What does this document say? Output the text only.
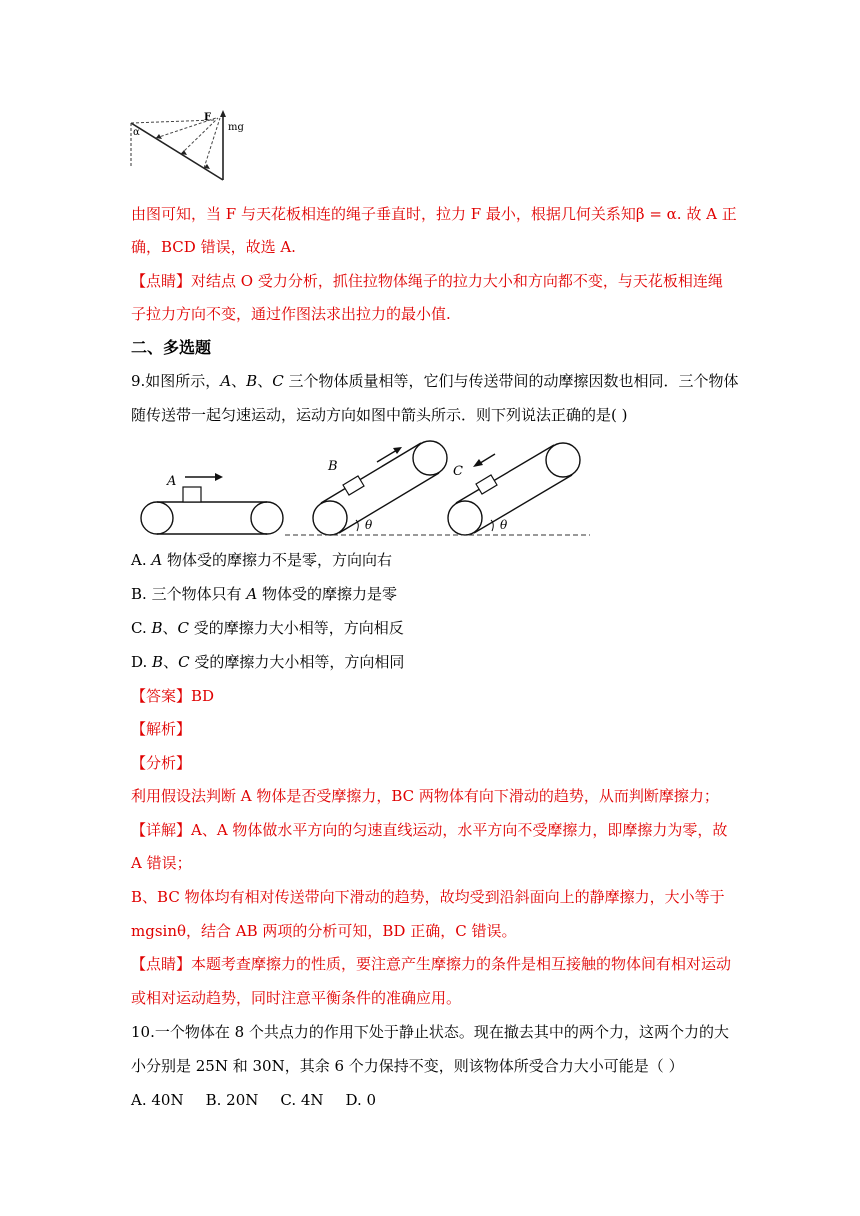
α
F
mg
由图可知，当 F 与天花板相连的绳子垂直时，拉力 F 最小，根据几何关系知β = α. 故 A 正
确，BCD 错误，故选 A.
【点睛】对结点 O 受力分析，抓住拉物体绳子的拉力大小和方向都不变，与天花板相连绳
子拉力方向不变，通过作图法求出拉力的最小值.
二、多选题
9.如图所示，A、B、C 三个物体质量相等，它们与传送带间的动摩擦因数也相同．三个物体
随传送带一起匀速运动，运动方向如图中箭头所示．则下列说法正确的是( )
A
B
θ
C
θ
A. A 物体受的摩擦力不是零，方向向右
B. 三个物体只有 A 物体受的摩擦力是零
C. B、C 受的摩擦力大小相等，方向相反
D. B、C 受的摩擦力大小相等，方向相同
【答案】BD
【解析】
【分析】
利用假设法判断 A 物体是否受摩擦力，BC 两物体有向下滑动的趋势，从而判断摩擦力；
【详解】A、A 物体做水平方向的匀速直线运动，水平方向不受摩擦力，即摩擦力为零，故
A 错误；
B、BC 物体均有相对传送带向下滑动的趋势，故均受到沿斜面向上的静摩擦力，大小等于
mgsinθ，结合 AB 两项的分析可知，BD 正确，C 错误。
【点睛】本题考查摩擦力的性质，要注意产生摩擦力的条件是相互接触的物体间有相对运动
或相对运动趋势，同时注意平衡条件的准确应用。
10.一个物体在 8 个共点力的作用下处于静止状态。现在撤去其中的两个力，这两个力的大
小分别是 25N 和 30N，其余 6 个力保持不变，则该物体所受合力大小可能是（ ）
A. 40N B. 20N C. 4N D. 0
